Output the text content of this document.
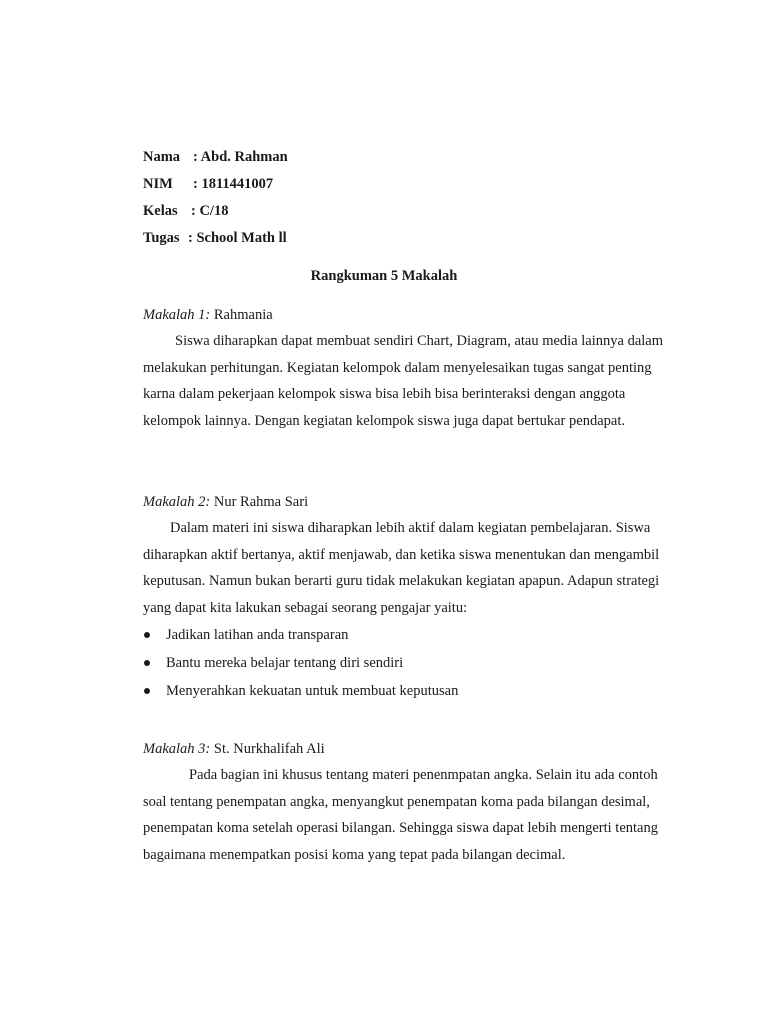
Nama : Abd. Rahman
NIM : 1811441007
Kelas : C/18
Tugas : School Math ll
Rangkuman 5 Makalah
Makalah 1: Rahmania
Siswa diharapkan dapat membuat sendiri Chart, Diagram, atau media lainnya dalam melakukan perhitungan. Kegiatan kelompok dalam menyelesaikan tugas sangat penting karna dalam pekerjaan kelompok siswa bisa lebih bisa berinteraksi dengan anggota kelompok lainnya. Dengan kegiatan kelompok siswa juga dapat bertukar pendapat.
Makalah 2: Nur Rahma Sari
Dalam materi ini siswa diharapkan lebih aktif dalam kegiatan pembelajaran. Siswa diharapkan aktif bertanya, aktif menjawab, dan ketika siswa menentukan dan mengambil keputusan. Namun bukan berarti guru tidak melakukan kegiatan apapun. Adapun strategi yang dapat kita lakukan sebagai seorang pengajar yaitu:
Jadikan latihan anda transparan
Bantu mereka belajar tentang diri sendiri
Menyerahkan kekuatan untuk membuat keputusan
Makalah 3: St. Nurkhalifah Ali
Pada bagian ini khusus tentang materi penenmpatan angka. Selain itu ada contoh soal tentang penempatan angka, menyangkut penempatan koma pada bilangan desimal, penempatan koma setelah operasi bilangan. Sehingga siswa dapat lebih mengerti tentang bagaimana menempatkan posisi koma yang tepat pada bilangan decimal.
